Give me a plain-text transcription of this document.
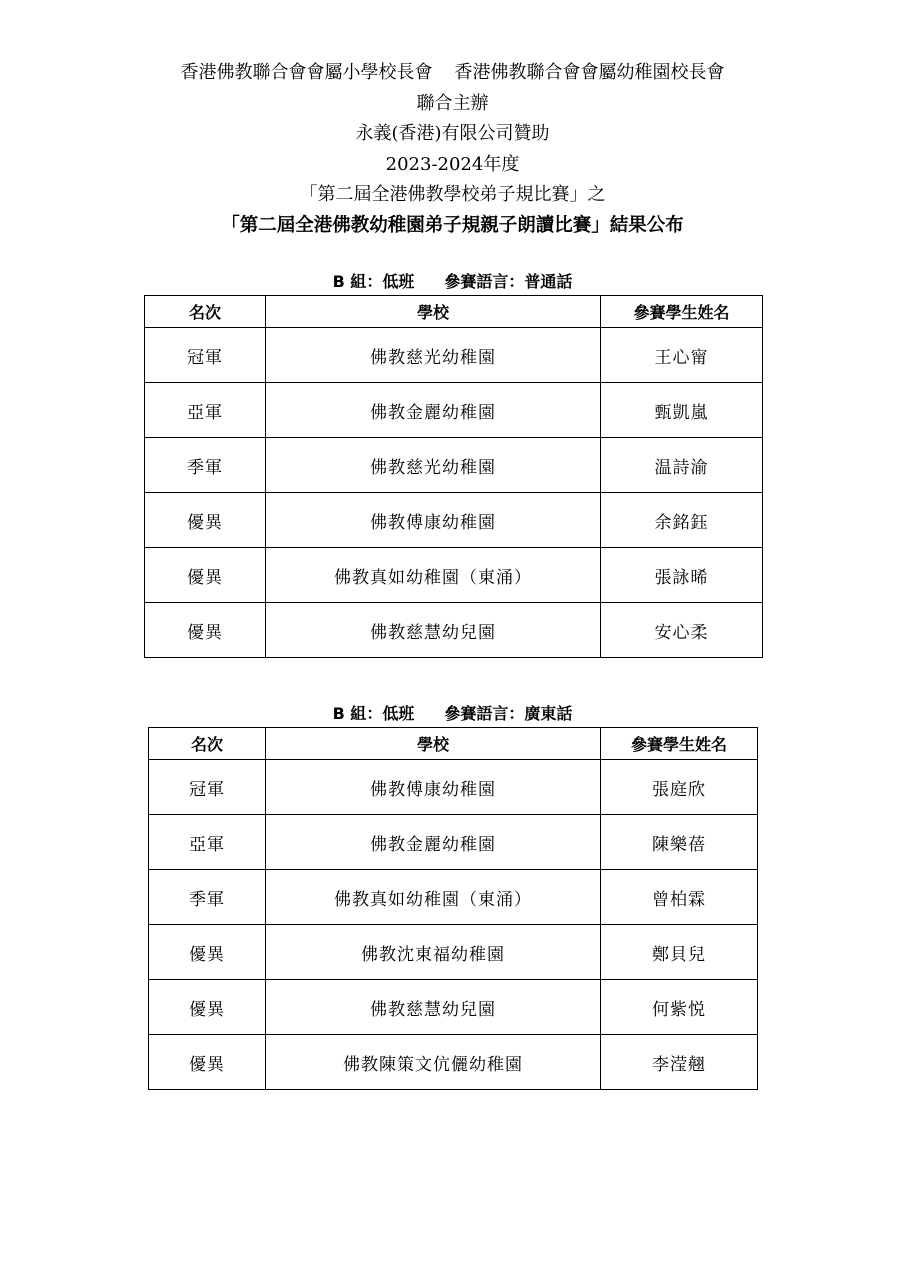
香港佛教聯合會會屬小學校長會 香港佛教聯合會會屬幼稚園校長會
聯合主辦
永義(香港)有限公司贊助
2023-2024年度
「第二屆全港佛教學校弟子規比賽」之
「第二屆全港佛教幼稚園弟子規親子朗讀比賽」結果公布
B 組：低班 參賽語言：普通話
名次	學校	參賽學生姓名
冠軍	佛教慈光幼稚園	王心甯
亞軍	佛教金麗幼稚園	甄凱嵐
季軍	佛教慈光幼稚園	温詩渝
優異	佛教傅康幼稚園	余銘鈺
優異	佛教真如幼稚園（東涌）	張詠晞
優異	佛教慈慧幼兒園	安心柔
B 組：低班 參賽語言：廣東話
名次	學校	參賽學生姓名
冠軍	佛教傅康幼稚園	張庭欣
亞軍	佛教金麗幼稚園	陳樂蓓
季軍	佛教真如幼稚園（東涌）	曾柏霖
優異	佛教沈東福幼稚園	鄭貝兒
優異	佛教慈慧幼兒園	何紫悦
優異	佛教陳策文伉儷幼稚園	李滢翹
